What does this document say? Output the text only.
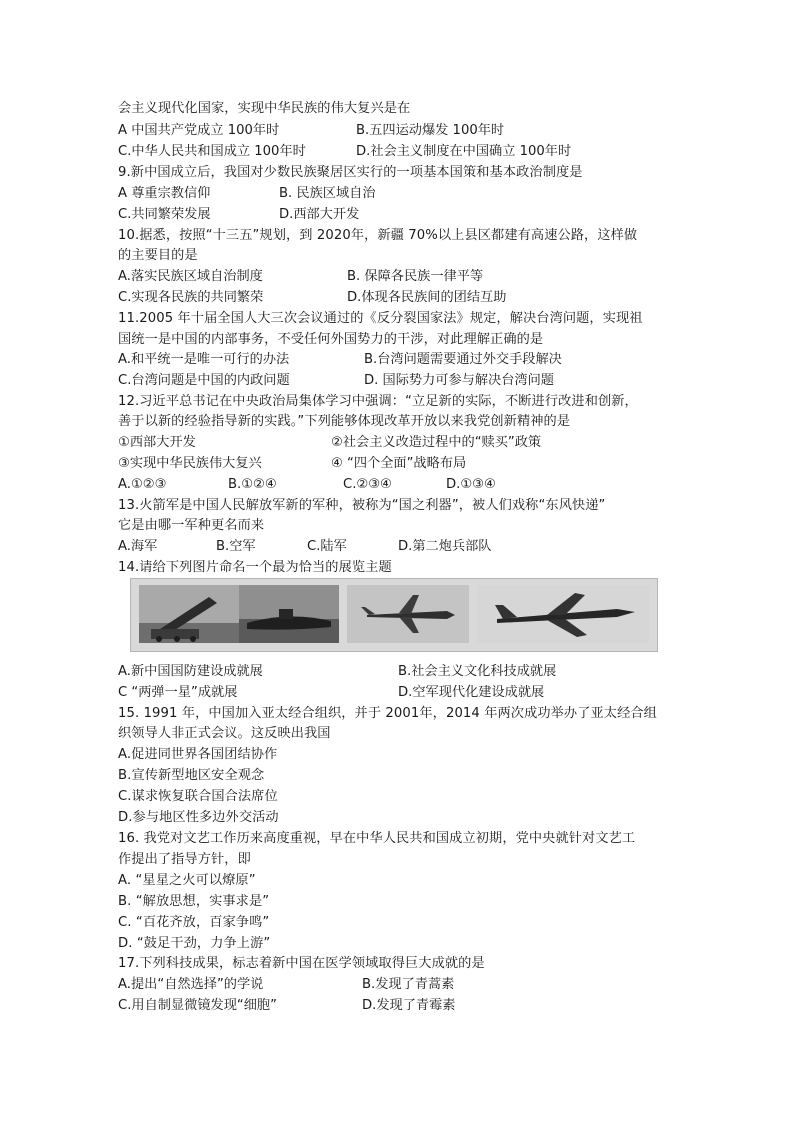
会主义现代化国家，实现中华民族的伟大复兴是在
A 中国共产党成立 100年时	B.五四运动爆发 100年时
C.中华人民共和国成立 100年时	D.社会主义制度在中国确立 100年时
9.新中国成立后，我国对少数民族聚居区实行的一项基本国策和基本政治制度是
A 尊重宗教信仰	B. 民族区域自治
C.共同繁荣发展	D.西部大开发
10.据悉，按照“十三五”规划，到 2020年，新疆 70%以上县区都建有高速公路，这样做
的主要目的是
A.落实民族区域自治制度	B. 保障各民族一律平等
C.实现各民族的共同繁荣	D.体现各民族间的团结互助
11.2005 年十届全国人大三次会议通过的《反分裂国家法》规定，解决台湾问题，实现祖
国统一是中国的内部事务，不受任何外国势力的干涉，对此理解正确的是
A.和平统一是唯一可行的办法	B.台湾问题需要通过外交手段解决
C.台湾问题是中国的内政问题	D. 国际势力可参与解决台湾问题
12.习近平总书记在中央政治局集体学习中强调：“立足新的实际，不断进行改进和创新，
善于以新的经验指导新的实践。”下列能够体现改革开放以来我党创新精神的是
①西部大开发	②社会主义改造过程中的“赎买”政策
③实现中华民族伟大复兴	④ “四个全面”战略布局
A.①②③	B.①②④	C.②③④	D.①③④
13.火箭军是中国人民解放军新的军种，被称为“国之利器”，被人们戏称“东风快递”
它是由哪一军种更名而来
A.海军	B.空军	C.陆军	D.第二炮兵部队
14.请给下列图片命名一个最为恰当的展览主题
A.新中国国防建设成就展	B.社会主义文化科技成就展
C “两弹一星”成就展	D.空军现代化建设成就展
15. 1991 年，中国加入亚太经合组织，并于 2001年，2014 年两次成功举办了亚太经合组
织领导人非正式会议。这反映出我国
A.促进同世界各国团结协作
B.宣传新型地区安全观念
C.谋求恢复联合国合法席位
D.参与地区性多边外交活动
16. 我党对文艺工作历来高度重视，早在中华人民共和国成立初期，党中央就针对文艺工
作提出了指导方针，即
A. “星星之火可以燎原”
B. “解放思想，实事求是”
C. “百花齐放，百家争鸣”
D. “鼓足干劲，力争上游”
17.下列科技成果，标志着新中国在医学领域取得巨大成就的是
A.提出“自然选择”的学说	B.发现了青蒿素
C.用自制显微镜发现“细胞”	D.发现了青霉素
